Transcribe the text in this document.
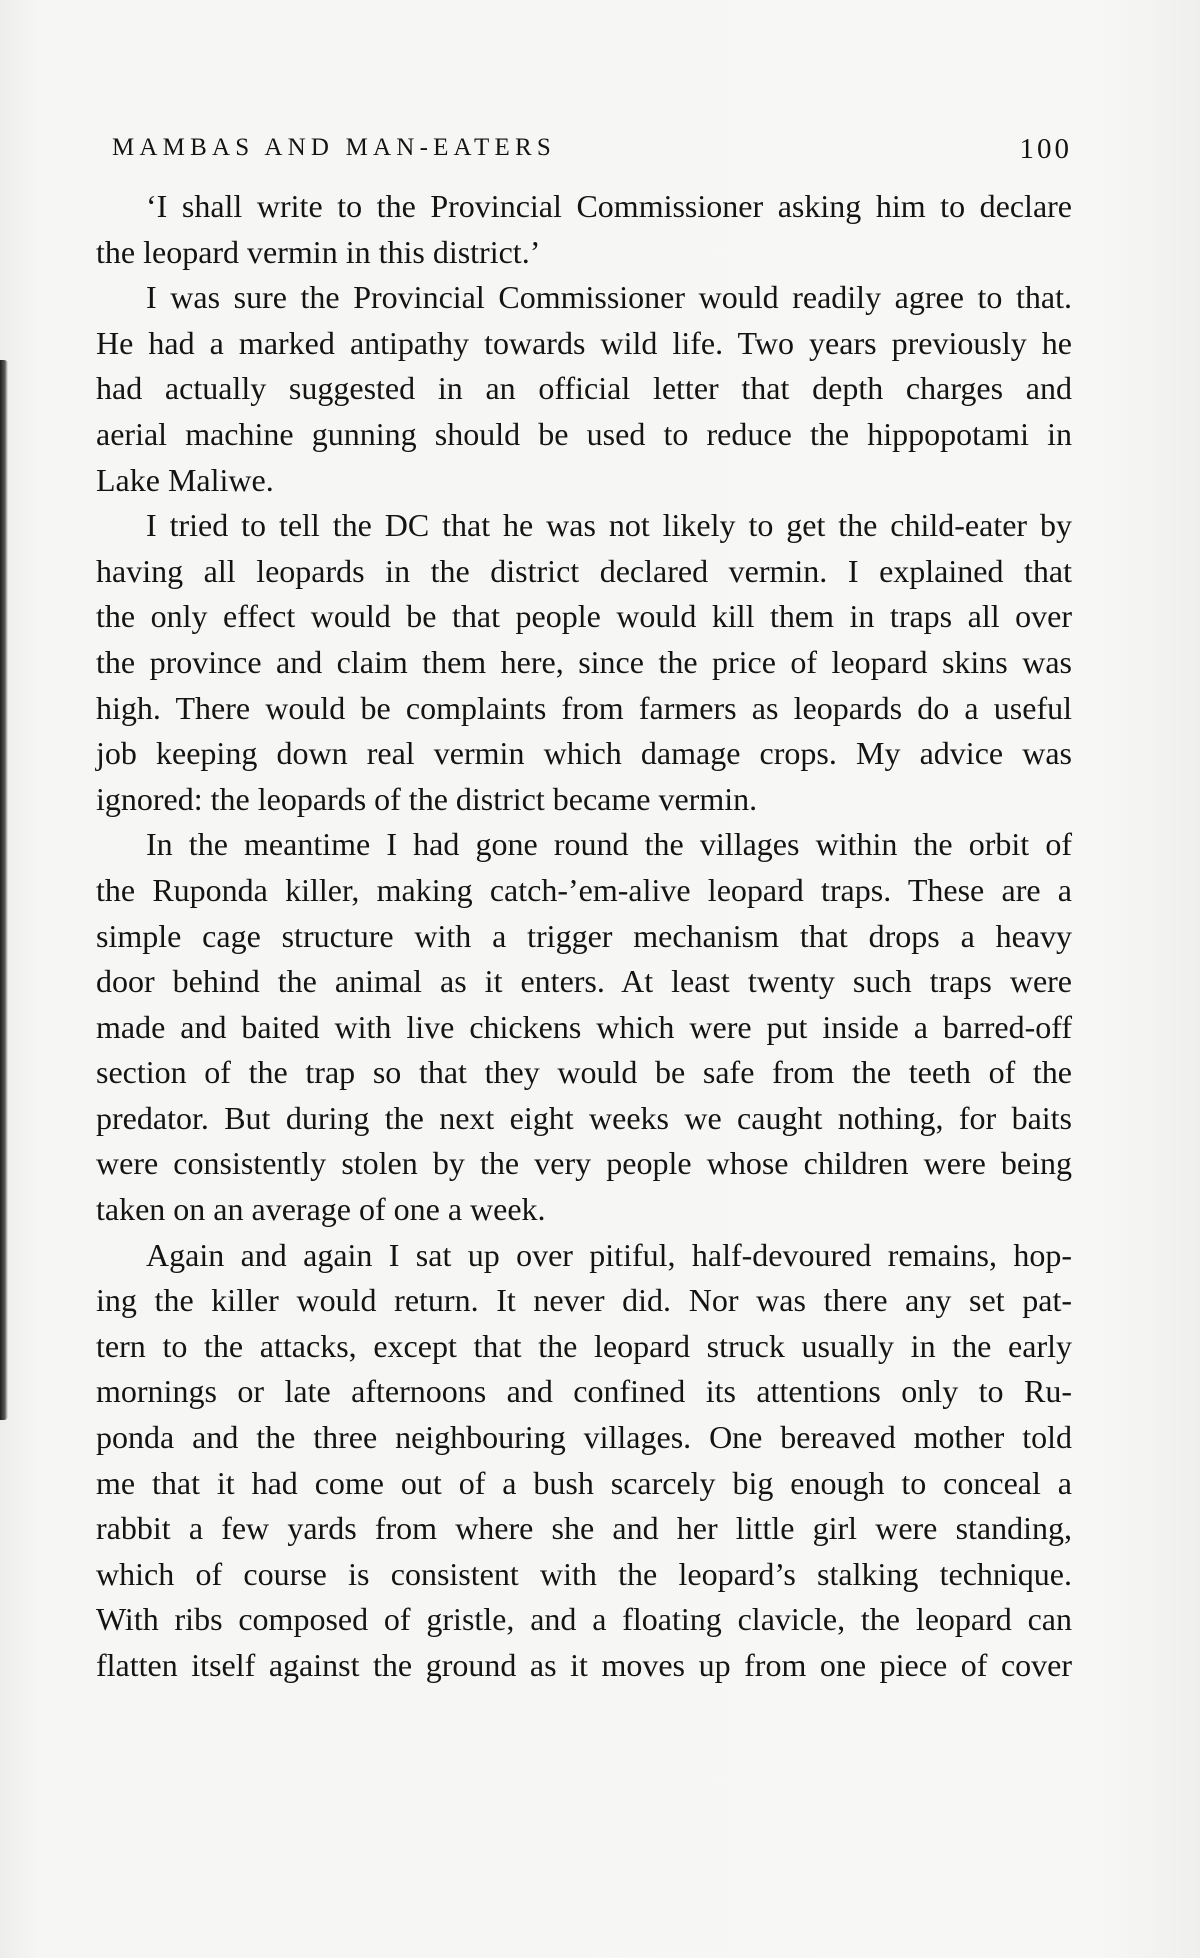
MAMBAS AND MAN-EATERS	100
‘I shall write to the Provincial Commissioner asking him to declare
the leopard vermin in this district.’
I was sure the Provincial Commissioner would readily agree to that.
He had a marked antipathy towards wild life. Two years previously he
had actually suggested in an official letter that depth charges and
aerial machine gunning should be used to reduce the hippopotami in
Lake Maliwe.
I tried to tell the DC that he was not likely to get the child-eater by
having all leopards in the district declared vermin. I explained that
the only effect would be that people would kill them in traps all over
the province and claim them here, since the price of leopard skins was
high. There would be complaints from farmers as leopards do a useful
job keeping down real vermin which damage crops. My advice was
ignored: the leopards of the district became vermin.
In the meantime I had gone round the villages within the orbit of
the Ruponda killer, making catch-’em-alive leopard traps. These are a
simple cage structure with a trigger mechanism that drops a heavy
door behind the animal as it enters. At least twenty such traps were
made and baited with live chickens which were put inside a barred-off
section of the trap so that they would be safe from the teeth of the
predator. But during the next eight weeks we caught nothing, for baits
were consistently stolen by the very people whose children were being
taken on an average of one a week.
Again and again I sat up over pitiful, half-devoured remains, hop-
ing the killer would return. It never did. Nor was there any set pat-
tern to the attacks, except that the leopard struck usually in the early
mornings or late afternoons and confined its attentions only to Ru-
ponda and the three neighbouring villages. One bereaved mother told
me that it had come out of a bush scarcely big enough to conceal a
rabbit a few yards from where she and her little girl were standing,
which of course is consistent with the leopard’s stalking technique.
With ribs composed of gristle, and a floating clavicle, the leopard can
flatten itself against the ground as it moves up from one piece of cover
